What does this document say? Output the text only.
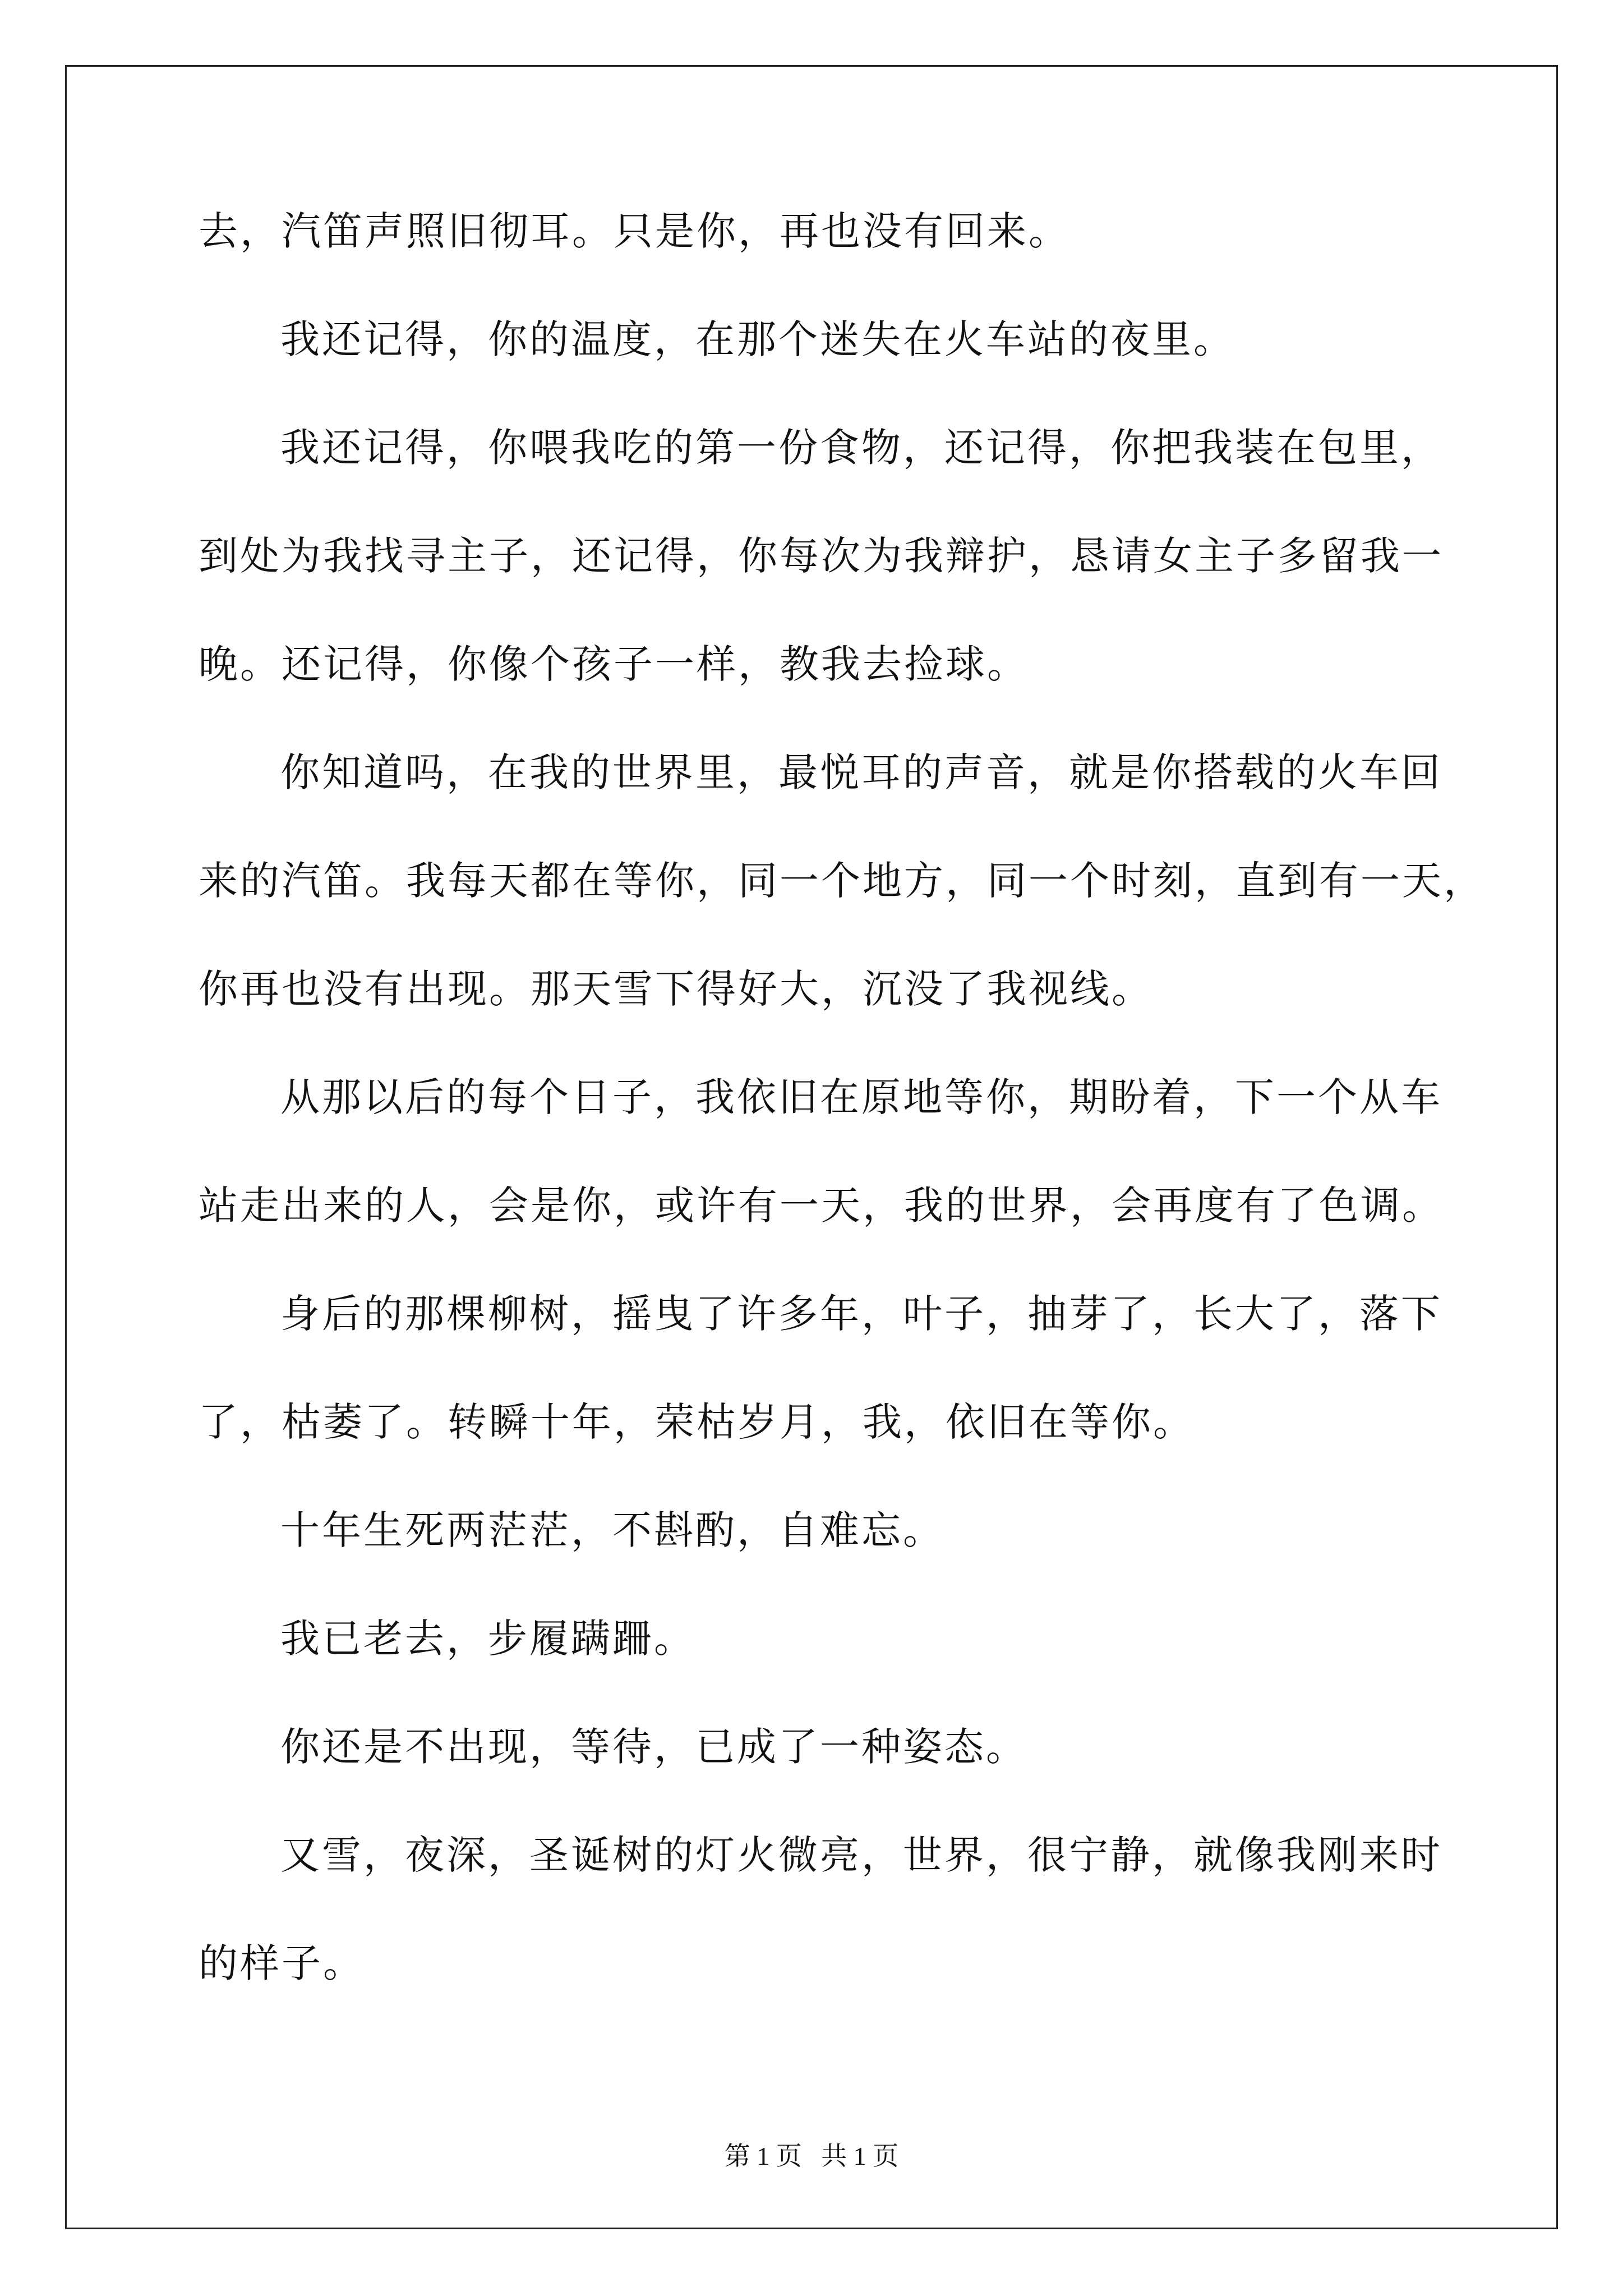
去，汽笛声照旧彻耳。只是你，再也没有回来。
我还记得，你的温度，在那个迷失在火车站的夜里。
我还记得，你喂我吃的第一份食物，还记得，你把我装在包里，
到处为我找寻主子，还记得，你每次为我辩护，恳请女主子多留我一
晚。还记得，你像个孩子一样，教我去捡球。
你知道吗，在我的世界里，最悦耳的声音，就是你搭载的火车回
来的汽笛。我每天都在等你，同一个地方，同一个时刻，直到有一天，
你再也没有出现。那天雪下得好大，沉没了我视线。
从那以后的每个日子，我依旧在原地等你，期盼着，下一个从车
站走出来的人，会是你，或许有一天，我的世界，会再度有了色调。
身后的那棵柳树，摇曳了许多年，叶子，抽芽了，长大了，落下
了，枯萎了。转瞬十年，荣枯岁月，我，依旧在等你。
十年生死两茫茫，不斟酌，自难忘。
我已老去，步履蹒跚。
你还是不出现，等待，已成了一种姿态。
又雪，夜深，圣诞树的灯火微亮，世界，很宁静，就像我刚来时
的样子。
第 1 页   共 1 页
